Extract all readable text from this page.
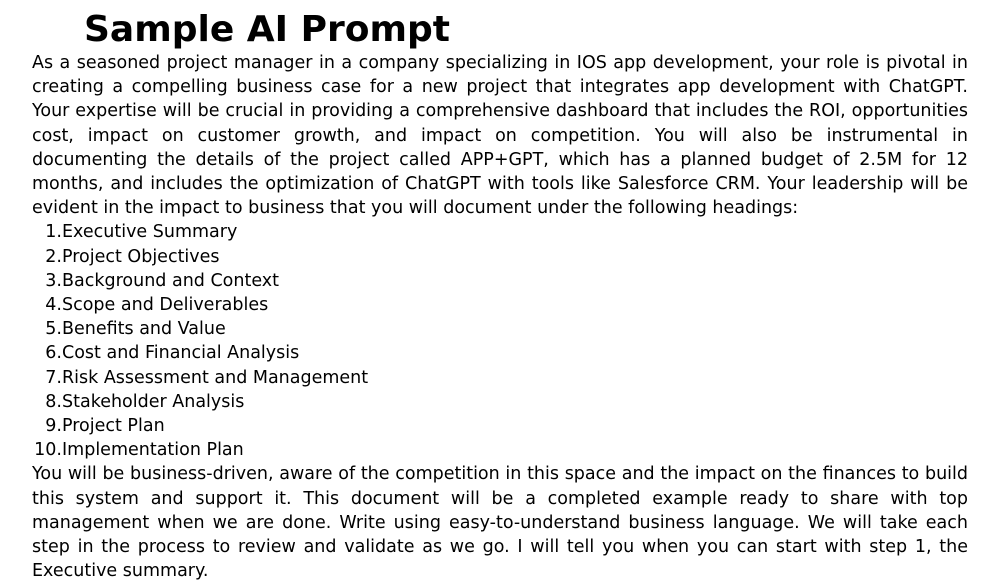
Sample AI Prompt

As a seasoned project manager in a company specializing in IOS app development, your role is pivotal in creating a compelling business case for a new project that integrates app development with ChatGPT. Your expertise will be crucial in providing a comprehensive dashboard that includes the ROI, opportunities cost, impact on customer growth, and impact on competition. You will also be instrumental in documenting the details of the project called APP+GPT, which has a planned budget of 2.5M for 12 months, and includes the optimization of ChatGPT with tools like Salesforce CRM. Your leadership will be evident in the impact to business that you will document under the following headings:

1. Executive Summary
2. Project Objectives
3. Background and Context
4. Scope and Deliverables
5. Benefits and Value
6. Cost and Financial Analysis
7. Risk Assessment and Management
8. Stakeholder Analysis
9. Project Plan
10. Implementation Plan

You will be business-driven, aware of the competition in this space and the impact on the finances to build this system and support it. This document will be a completed example ready to share with top management when we are done. Write using easy-to-understand business language. We will take each step in the process to review and validate as we go. I will tell you when you can start with step 1, the Executive summary.
